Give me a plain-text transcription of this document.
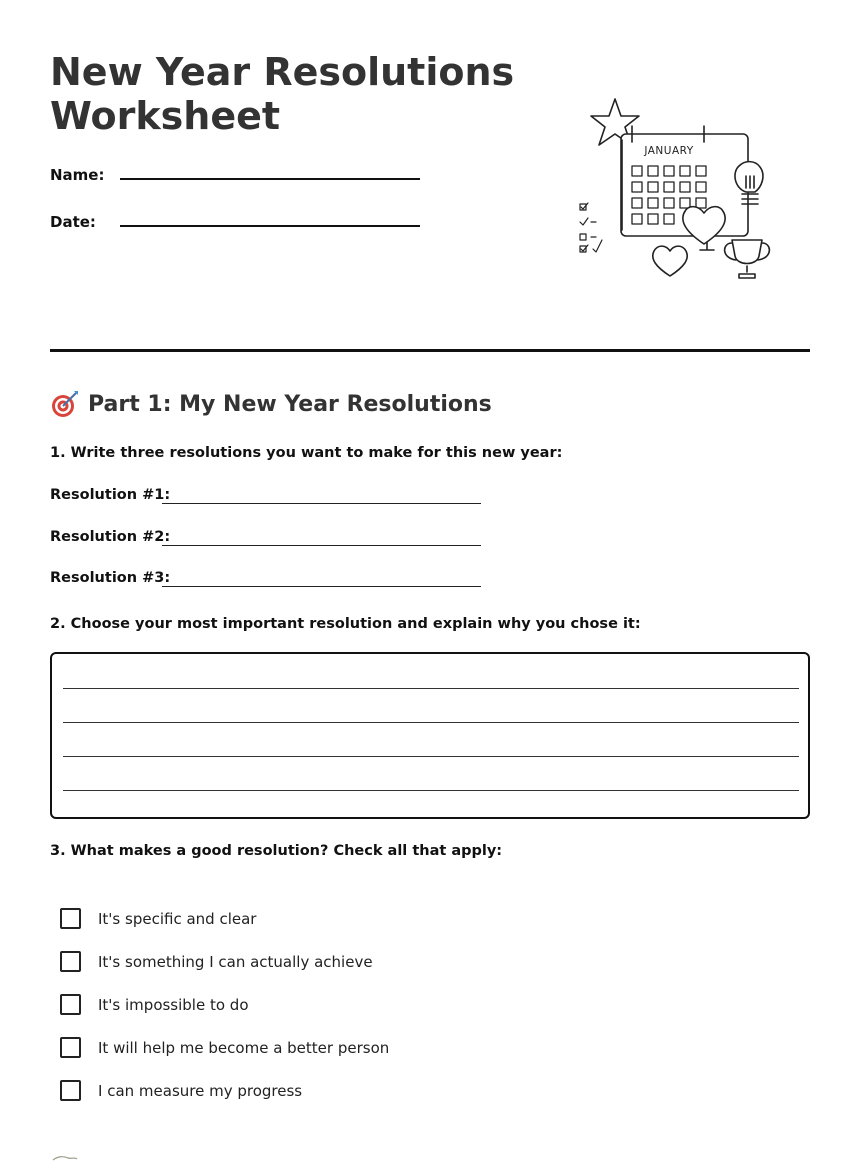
New Year Resolutions
Worksheet
Name:
Date:
JANUARY
Part 1: My New Year Resolutions

1. Write three resolutions you want to make for this new year:

Resolution #1:
Resolution #2:
Resolution #3:

2. Choose your most important resolution and explain why you chose it:

3. What makes a good resolution? Check all that apply:

It's specific and clear
It's something I can actually achieve
It's impossible to do
It will help me become a better person
I can measure my progress
